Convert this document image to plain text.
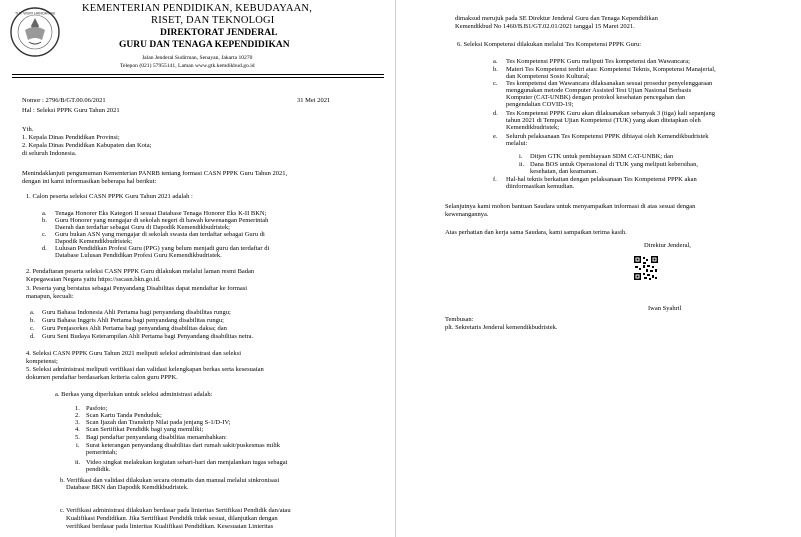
TUT WURI HANDAYANI	KEMENTERIAN PENDIDIKAN, KEBUDAYAAN,
RISET, DAN TEKNOLOGI
DIREKTORAT JENDERAL
GURU DAN TENAGA KEPENDIDIKAN
Jalan Jenderal Sudirman, Senayan, Jakarta 10270
Telepon (021) 57955141, Laman www.gtk.kemdikbud.go.id
Nomor : 2796/B/GT.00.06/2021	31 Mei 2021
Hal : Seleksi PPPK Guru Tahun 2021
Yth.
1. Kepala Dinas Pendidikan Provinsi;
2. Kepala Dinas Pendidikan Kabupaten dan Kota;
di seluruh Indonesia.
Menindaklanjuti pengumuman Kementerian PANRB tentang formasi CASN PPPK Guru Tahun 2021,
dengan ini kami informasikan beberapa hal berikut:
1. Calon peserta seleksi CASN PPPK Guru Tahun 2021 adalah :
a. Tenaga Honorer Eks Kategori II sesuai Database Tenaga Honorer Eks K-II BKN;
b. Guru Honorer yang mengajar di sekolah negeri di bawah kewenangan Pemerintah
Daerah dan terdaftar sebagai Guru di Dapodik Kemendikbudristek;
c. Guru bukan ASN yang mengajar di sekolah swasta dan terdaftar sebagai Guru di
Dapodik Kemendikbudristek;
d. Lulusan Pendidikan Profesi Guru (PPG) yang belum menjadi guru dan terdaftar di
Database Lulusan Pendidikan Profesi Guru Kemendikbudristek.
2. Pendaftaran peserta seleksi CASN PPPK Guru dilakukan melalui laman resmi Badan
Kepegawaian Negara yaitu https://sscasn.bkn.go.id.
3. Peserta yang berstatus sebagai Penyandang Disabilitas dapat mendaftar ke formasi
manapun, kecuali:
a. Guru Bahasa Indonesia Ahli Pertama bagi penyandang disabilitas rungu;
b. Guru Bahasa Inggris Ahli Pertama bagi penyandang disabilitas rungu;
c. Guru Penjasorkes Ahli Pertama bagi penyandang disabilitas daksa; dan
d. Guru Seni Budaya Keterampilan Ahli Pertama bagi Penyandang disabilitas netra.
4. Seleksi CASN PPPK Guru Tahun 2021 meliputi seleksi administrasi dan seleksi
kompetensi;
5. Seleksi administrasi meliputi verifikasi dan validasi kelengkapan berkas serta kesesuaian
dokumen pendaftar berdasarkan kriteria calon guru PPPK.
a. Berkas yang diperlukan untuk seleksi administrasi adalah:
1. Pasfoto;
2. Scan Kartu Tanda Penduduk;
3. Scan Ijazah dan Transkrip Nilai pada jenjang S-1/D-IV;
4. Scan Sertifikat Pendidik bagi yang memiliki;
5. Bagi pendaftar penyandang disabilitas menambahkan:
i. Surat keterangan penyandang disabilitas dari rumah sakit/puskesmas milik
pemerintah;
ii. Video singkat melakukan kegiatan sehari-hari dan menjalankan tugas sebagai
pendidik.
b. Verifikasi dan validasi dilakukan secara otomatis dan manual melalui sinkronisasi
Database BKN dan Dapodik Kemdikbudristek.
c. Verifikasi administrasi dilakukan berdasar pada linieritas Sertifikasi Pendidik dan/atau
Kualifikasi Pendidikan. Jika Sertifikasi Pendidik tidak sesuai, dilanjutkan dengan
verifikasi berdasar pada linieritas Kualifikasi Pendidikan. Kesesuaian Linieritas
dimaksud merujuk pada SE Direktur Jenderal Guru dan Tenaga Kependidikan
Kemendikbud No 1460/B.B1/GT.02.01/2021 tanggal 15 Maret 2021.
6. Seleksi Kompetensi dilakukan melalui Tes Kompetensi PPPK Guru:
a. Tes Kompetensi PPPK Guru meliputi Tes kompetensi dan Wawancara;
b. Materi Tes Kompetensi terdiri atas: Kompetensi Teknis, Kompetensi Manajerial,
dan Kompetensi Sosio Kultural;
c. Tes kompetensi dan Wawancara dilaksanakan sesuai prosedur penyelenggaraan
menggunakan metode Computer Assisted Test Ujian Nasional Berbasis
Komputer (CAT-UNBK) dengan protokol kesehatan pencegahan dan
pengendalian COVID-19;
d. Tes Kompetensi PPPK Guru akan dilaksanakan sebanyak 3 (tiga) kali sepanjang
tahun 2021 di Tempat Ujian Kompetensi (TUK) yang akan ditetapkan oleh
Kemendikbudristek;
e. Seluruh pelaksanaan Tes Kompetensi PPPK dibiayai oleh Kemendikbudristek
melalui:
i. Ditjen GTK untuk pembiayaan SDM CAT-UNBK; dan
ii. Dana BOS untuk Operasional di TUK yang meliputi kebersihan,
kesehatan, dan keamanan.
f. Hal-hal teknis berkaitan dengan pelaksanaan Tes Kompetensi PPPK akan
diinformasikan kemudian.
Selanjutnya kami mohon bantuan Saudara untuk menyampaikan informasi di atas sesuai dengan
kewenangannya.
Atas perhatian dan kerja sama Saudara, kami sampaikan terima kasih.
Direktur Jenderal,
Iwan Syahril
Tembusan:
plt. Sekretaris Jenderal kemendikbudristek.
